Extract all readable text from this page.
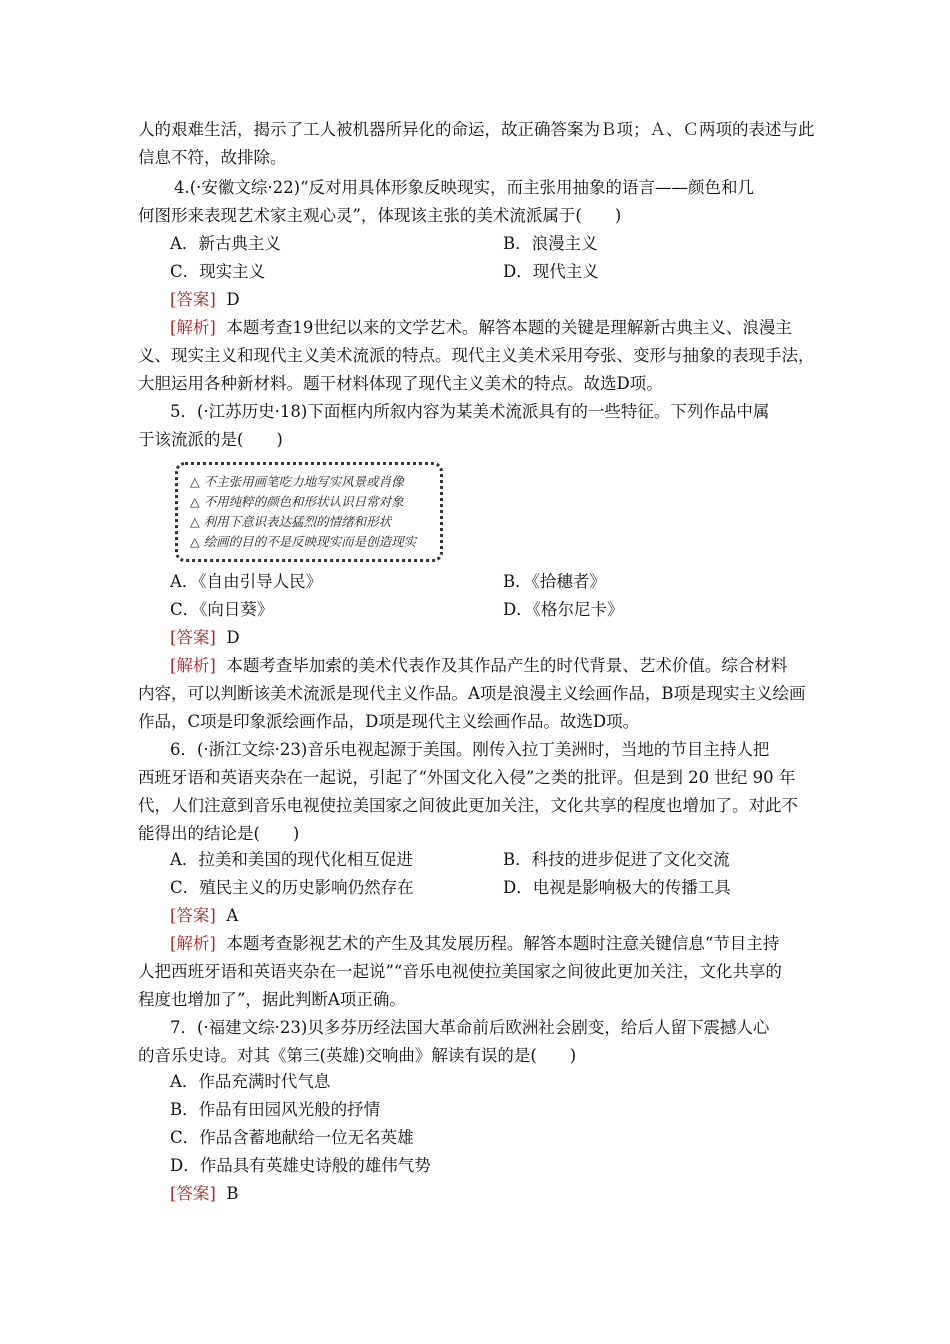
人的艰难生活，揭示了工人被机器所异化的命运，故正确答案为Ｂ项；Ａ、Ｃ两项的表述与此
信息不符，故排除。
4.(·安徽文综·22)“反对用具体形象反映现实，而主张用抽象的语言——颜色和几
何图形来表现艺术家主观心灵”，体现该主张的美术流派属于(　　)
A．新古典主义	B．浪漫主义
C．现实主义	D．现代主义
[答案] D
[解析] 本题考查19世纪以来的文学艺术。解答本题的关键是理解新古典主义、浪漫主
义、现实主义和现代主义美术流派的特点。现代主义美术采用夸张、变形与抽象的表现手法，
大胆运用各种新材料。题干材料体现了现代主义美术的特点。故选D项。
5．(·江苏历史·18)下面框内所叙内容为某美术流派具有的一些特征。下列作品中属
于该流派的是(　　)
△ 不主张用画笔吃力地写实风景或肖像
△ 不用纯粹的颜色和形状认识日常对象
△ 利用下意识表达猛烈的情绪和形状
△ 绘画的目的不是反映现实而是创造现实
A．《自由引导人民》	B．《拾穗者》
C．《向日葵》	D．《格尔尼卡》
[答案] D
[解析] 本题考查毕加索的美术代表作及其作品产生的时代背景、艺术价值。综合材料
内容，可以判断该美术流派是现代主义作品。A项是浪漫主义绘画作品，B项是现实主义绘画
作品，C项是印象派绘画作品，D项是现代主义绘画作品。故选D项。
6．(·浙江文综·23)音乐电视起源于美国。刚传入拉丁美洲时，当地的节目主持人把
西班牙语和英语夹杂在一起说，引起了“外国文化入侵”之类的批评。但是到 20 世纪 90 年
代，人们注意到音乐电视使拉美国家之间彼此更加关注，文化共享的程度也增加了。对此不
能得出的结论是(　　)
A．拉美和美国的现代化相互促进	B．科技的进步促进了文化交流
C．殖民主义的历史影响仍然存在	D．电视是影响极大的传播工具
[答案] A
[解析] 本题考查影视艺术的产生及其发展历程。解答本题时注意关键信息“节目主持
人把西班牙语和英语夹杂在一起说”“音乐电视使拉美国家之间彼此更加关注，文化共享的
程度也增加了”，据此判断A项正确。
7．(·福建文综·23)贝多芬历经法国大革命前后欧洲社会剧变，给后人留下震撼人心
的音乐史诗。对其《第三(英雄)交响曲》解读有误的是(　　)
A．作品充满时代气息
B．作品有田园风光般的抒情
C．作品含蓄地献给一位无名英雄
D．作品具有英雄史诗般的雄伟气势
[答案] B
